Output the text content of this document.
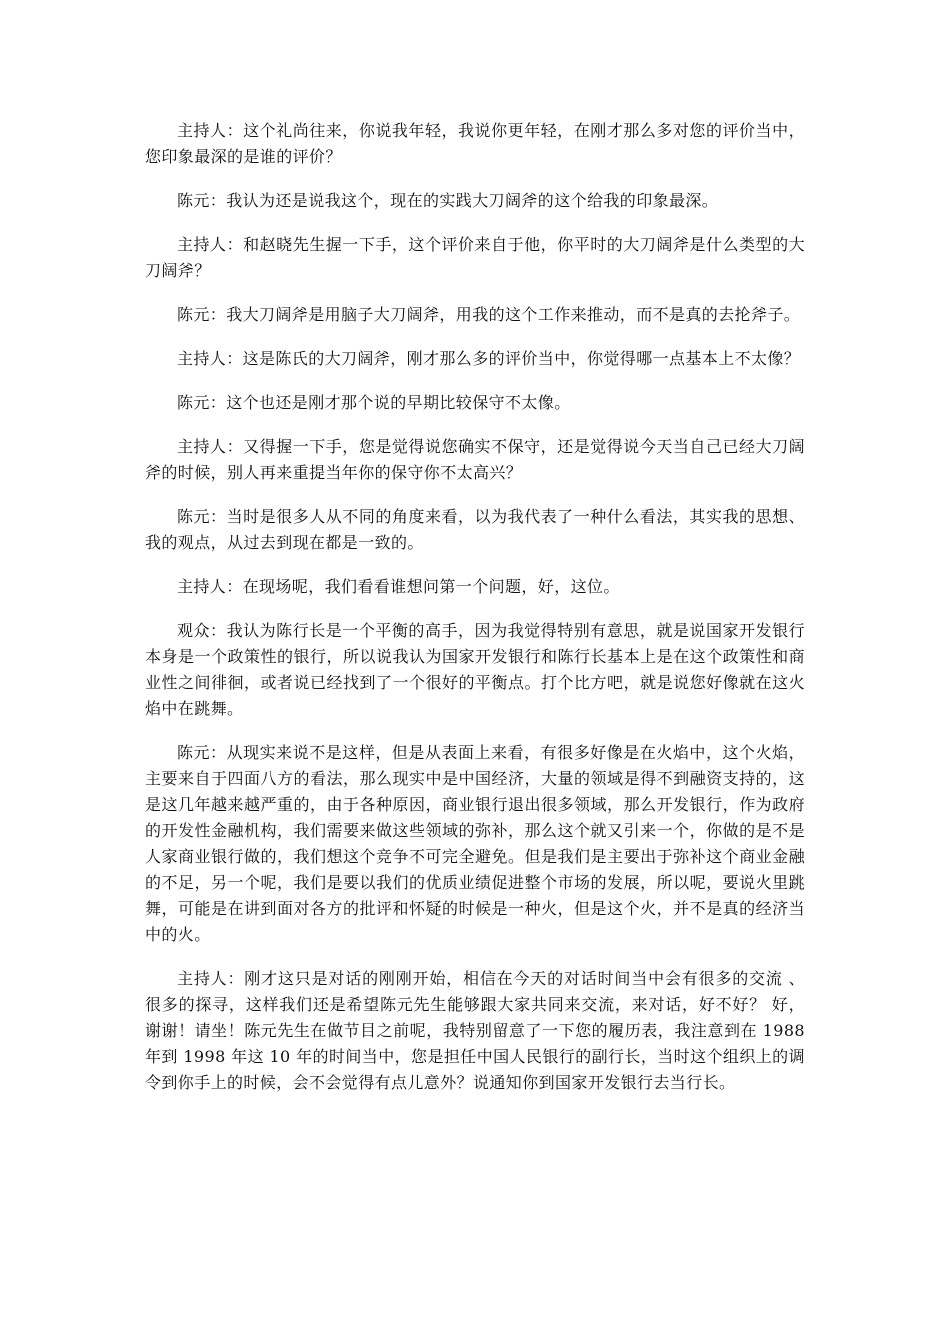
主持人：这个礼尚往来，你说我年轻，我说你更年轻，在刚才那么多对您的评价当中，您印象最深的是谁的评价？

陈元：我认为还是说我这个，现在的实践大刀阔斧的这个给我的印象最深。

主持人：和赵晓先生握一下手，这个评价来自于他，你平时的大刀阔斧是什么类型的大刀阔斧？

陈元：我大刀阔斧是用脑子大刀阔斧，用我的这个工作来推动，而不是真的去抡斧子。

主持人：这是陈氏的大刀阔斧，刚才那么多的评价当中，你觉得哪一点基本上不太像？

陈元：这个也还是刚才那个说的早期比较保守不太像。

主持人：又得握一下手，您是觉得说您确实不保守，还是觉得说今天当自己已经大刀阔斧的时候，别人再来重提当年你的保守你不太高兴？

陈元：当时是很多人从不同的角度来看，以为我代表了一种什么看法，其实我的思想、我的观点，从过去到现在都是一致的。

主持人：在现场呢，我们看看谁想问第一个问题，好，这位。

观众：我认为陈行长是一个平衡的高手，因为我觉得特别有意思，就是说国家开发银行本身是一个政策性的银行，所以说我认为国家开发银行和陈行长基本上是在这个政策性和商业性之间徘徊，或者说已经找到了一个很好的平衡点。打个比方吧，就是说您好像就在这火焰中在跳舞。

陈元：从现实来说不是这样，但是从表面上来看，有很多好像是在火焰中，这个火焰，主要来自于四面八方的看法，那么现实中是中国经济，大量的领域是得不到融资支持的，这是这几年越来越严重的，由于各种原因，商业银行退出很多领域，那么开发银行，作为政府的开发性金融机构，我们需要来做这些领域的弥补，那么这个就又引来一个，你做的是不是人家商业银行做的，我们想这个竞争不可完全避免。但是我们是主要出于弥补这个商业金融的不足，另一个呢，我们是要以我们的优质业绩促进整个市场的发展，所以呢，要说火里跳舞，可能是在讲到面对各方的批评和怀疑的时候是一种火，但是这个火，并不是真的经济当中的火。

主持人：刚才这只是对话的刚刚开始，相信在今天的对话时间当中会有很多的交流 、很多的探寻，这样我们还是希望陈元先生能够跟大家共同来交流，来对话，好不好？ 好，谢谢！请坐！陈元先生在做节目之前呢，我特别留意了一下您的履历表，我注意到在 1988 年到 1998 年这 10 年的时间当中，您是担任中国人民银行的副行长，当时这个组织上的调令到你手上的时候，会不会觉得有点儿意外？说通知你到国家开发银行去当行长。
